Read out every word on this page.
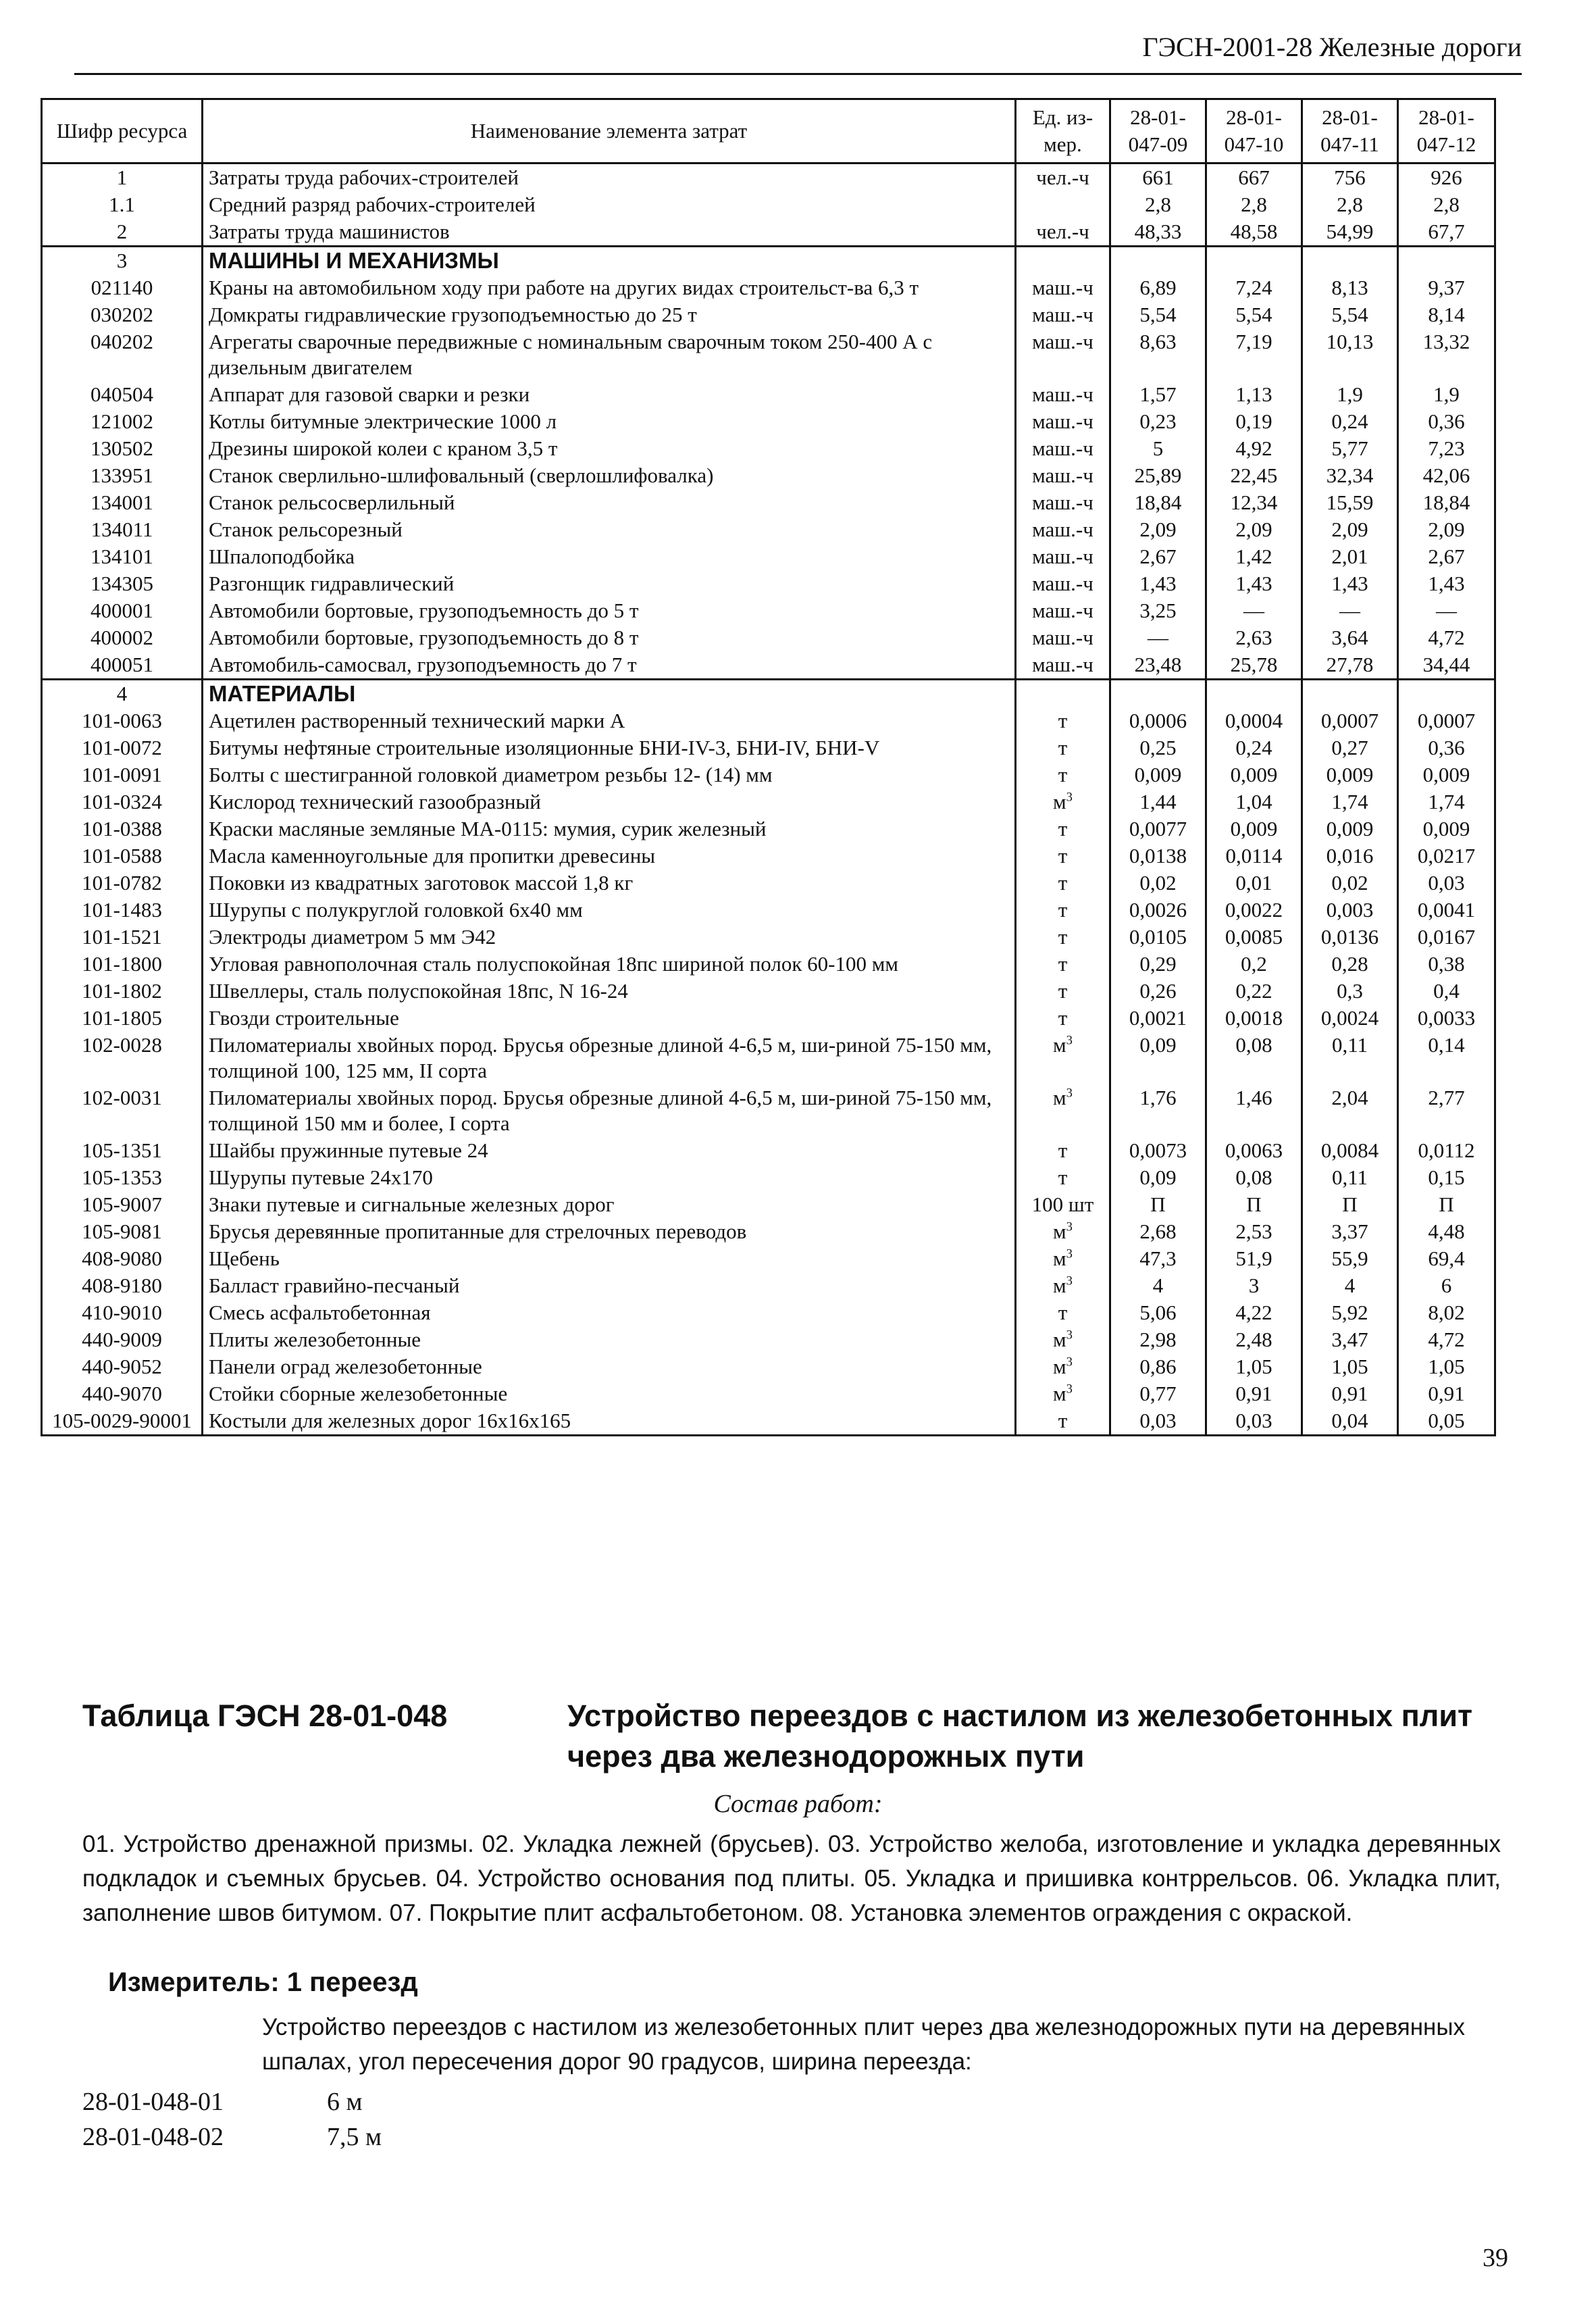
ГЭСН-2001-28 Железные дороги
Шифр ресурса	Наименование элемента затрат	Ед. из-мер.	28-01-047-09	28-01-047-10	28-01-047-11	28-01-047-12
1	Затраты труда рабочих-строителей	чел.-ч	661	667	756	926
1.1	Средний разряд рабочих-строителей		2,8	2,8	2,8	2,8
2	Затраты труда машинистов	чел.-ч	48,33	48,58	54,99	67,7
3	МАШИНЫ И МЕХАНИЗМЫ					
021140	Краны на автомобильном ходу при работе на других видах строительст-ва 6,3 т	маш.-ч	6,89	7,24	8,13	9,37
030202	Домкраты гидравлические грузоподъемностью до 25 т	маш.-ч	5,54	5,54	5,54	8,14
040202	Агрегаты сварочные передвижные с номинальным сварочным током 250-400 А с дизельным двигателем	маш.-ч	8,63	7,19	10,13	13,32
040504	Аппарат для газовой сварки и резки	маш.-ч	1,57	1,13	1,9	1,9
121002	Котлы битумные электрические 1000 л	маш.-ч	0,23	0,19	0,24	0,36
130502	Дрезины широкой колеи с краном 3,5 т	маш.-ч	5	4,92	5,77	7,23
133951	Станок сверлильно-шлифовальный (сверлошлифовалка)	маш.-ч	25,89	22,45	32,34	42,06
134001	Станок рельсосверлильный	маш.-ч	18,84	12,34	15,59	18,84
134011	Станок рельсорезный	маш.-ч	2,09	2,09	2,09	2,09
134101	Шпалоподбойка	маш.-ч	2,67	1,42	2,01	2,67
134305	Разгонщик гидравлический	маш.-ч	1,43	1,43	1,43	1,43
400001	Автомобили бортовые, грузоподъемность до 5 т	маш.-ч	3,25	—	—	—
400002	Автомобили бортовые, грузоподъемность до 8 т	маш.-ч	—	2,63	3,64	4,72
400051	Автомобиль-самосвал, грузоподъемность до 7 т	маш.-ч	23,48	25,78	27,78	34,44
4	МАТЕРИАЛЫ					
101-0063	Ацетилен растворенный технический марки А	т	0,0006	0,0004	0,0007	0,0007
101-0072	Битумы нефтяные строительные изоляционные БНИ-IV-3, БНИ-IV, БНИ-V	т	0,25	0,24	0,27	0,36
101-0091	Болты с шестигранной головкой диаметром резьбы 12- (14) мм	т	0,009	0,009	0,009	0,009
101-0324	Кислород технический газообразный	$м^3$	1,44	1,04	1,74	1,74
101-0388	Краски масляные земляные МА-0115: мумия, сурик железный	т	0,0077	0,009	0,009	0,009
101-0588	Масла каменноугольные для пропитки древесины	т	0,0138	0,0114	0,016	0,0217
101-0782	Поковки из квадратных заготовок массой 1,8 кг	т	0,02	0,01	0,02	0,03
101-1483	Шурупы с полукруглой головкой 6х40 мм	т	0,0026	0,0022	0,003	0,0041
101-1521	Электроды диаметром 5 мм Э42	т	0,0105	0,0085	0,0136	0,0167
101-1800	Угловая равнополочная сталь полуспокойная 18пс шириной полок 60-100 мм	т	0,29	0,2	0,28	0,38
101-1802	Швеллеры, сталь полуспокойная 18пс, N 16-24	т	0,26	0,22	0,3	0,4
101-1805	Гвозди строительные	т	0,0021	0,0018	0,0024	0,0033
102-0028	Пиломатериалы хвойных пород. Брусья обрезные длиной 4-6,5 м, ши-риной 75-150 мм, толщиной 100, 125 мм, II сорта	$м^3$	0,09	0,08	0,11	0,14
102-0031	Пиломатериалы хвойных пород. Брусья обрезные длиной 4-6,5 м, ши-риной 75-150 мм, толщиной 150 мм и более, I сорта	$м^3$	1,76	1,46	2,04	2,77
105-1351	Шайбы пружинные путевые 24	т	0,0073	0,0063	0,0084	0,0112
105-1353	Шурупы путевые 24х170	т	0,09	0,08	0,11	0,15
105-9007	Знаки путевые и сигнальные железных дорог	100 шт	П	П	П	П
105-9081	Брусья деревянные пропитанные для стрелочных переводов	$м^3$	2,68	2,53	3,37	4,48
408-9080	Щебень	$м^3$	47,3	51,9	55,9	69,4
408-9180	Балласт гравийно-песчаный	$м^3$	4	3	4	6
410-9010	Смесь асфальтобетонная	т	5,06	4,22	5,92	8,02
440-9009	Плиты железобетонные	$м^3$	2,98	2,48	3,47	4,72
440-9052	Панели оград железобетонные	$м^3$	0,86	1,05	1,05	1,05
440-9070	Стойки сборные железобетонные	$м^3$	0,77	0,91	0,91	0,91
105-0029-90001	Костыли для железных дорог 16х16х165	т	0,03	0,03	0,04	0,05
Таблица ГЭСН 28-01-048	Устройство переездов с настилом из железобетонных плит через два железнодорожных пути
Состав работ:
01. Устройство дренажной призмы. 02. Укладка лежней (брусьев). 03. Устройство желоба, изготовление и укладка деревянных подкладок и съемных брусьев. 04. Устройство основания под плиты. 05. Укладка и пришивка контррельсов. 06. Укладка плит, заполнение швов битумом. 07. Покрытие плит асфальтобетоном. 08. Установка элементов ограждения с окраской.
Измеритель: 1 переезд
Устройство переездов с настилом из железобетонных плит через два железнодорожных пути на деревянных шпалах, угол пересечения дорог 90 градусов, ширина переезда:
28-01-048-01	6 м
28-01-048-02	7,5 м
39
